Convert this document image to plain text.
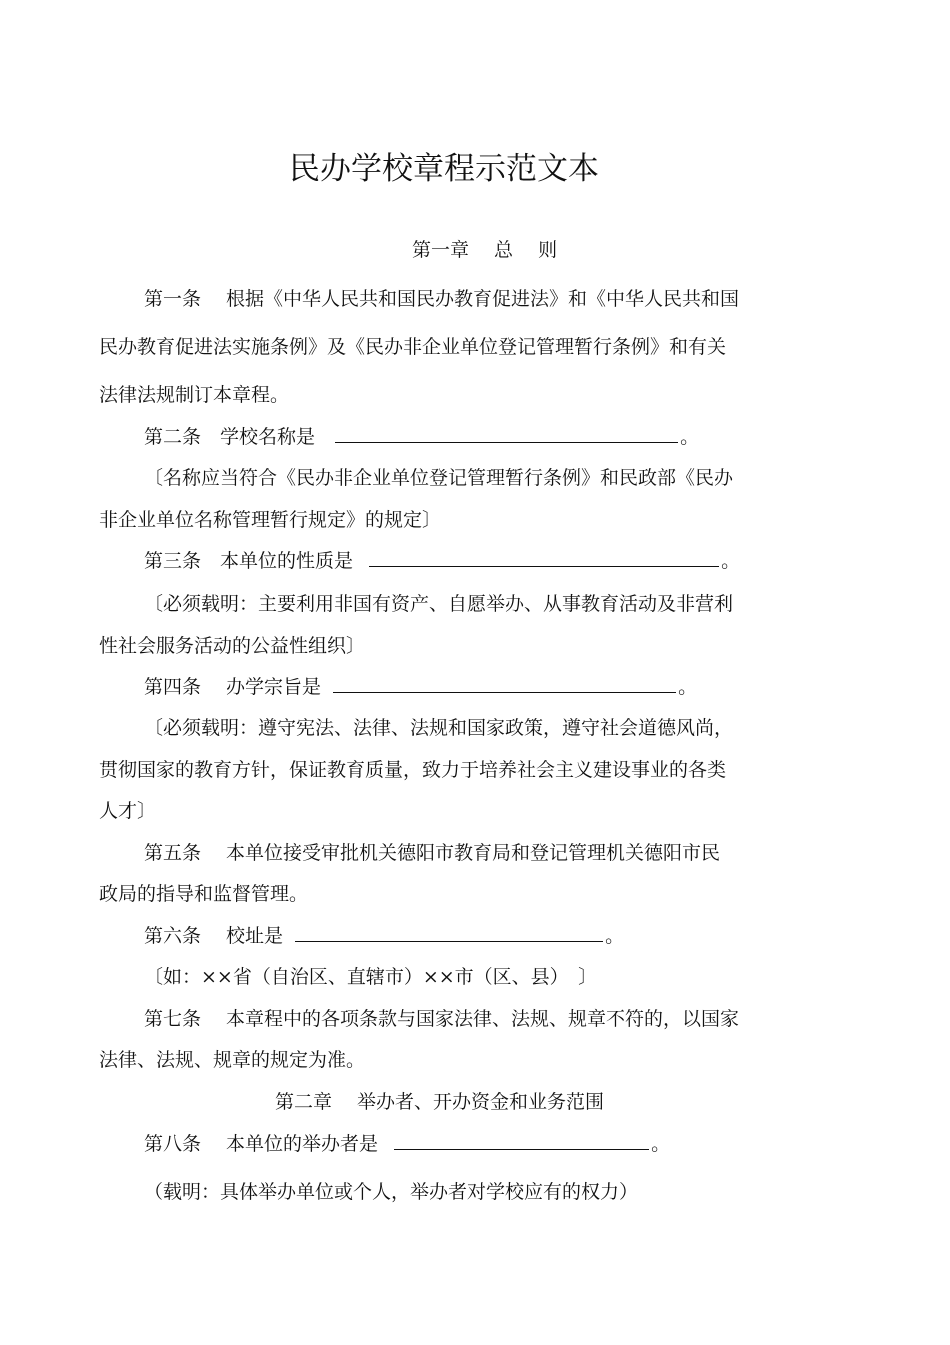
民办学校章程示范文本
第一章　 总　 则
第一条　 根据《中华人民共和国民办教育促进法》和《中华人民共和国
民办教育促进法实施条例》及《民办非企业单位登记管理暂行条例》和有关
法律法规制订本章程。
第二条　学校名称是	。
〔名称应当符合《民办非企业单位登记管理暂行条例》和民政部《民办
非企业单位名称管理暂行规定》的规定〕
第三条　本单位的性质是	。
〔必须载明：主要利用非国有资产、自愿举办、从事教育活动及非营利
性社会服务活动的公益性组织〕
第四条　 办学宗旨是	。
〔必须载明：遵守宪法、法律、法规和国家政策，遵守社会道德风尚，
贯彻国家的教育方针，保证教育质量，致力于培养社会主义建设事业的各类
人才〕
第五条　 本单位接受审批机关德阳市教育局和登记管理机关德阳市民
政局的指导和监督管理。
第六条　 校址是	。
〔如：××省（自治区、直辖市）××市（区、县）　〕
第七条　 本章程中的各项条款与国家法律、法规、规章不符的，以国家
法律、法规、规章的规定为准。
第二章　 举办者、开办资金和业务范围
第八条　 本单位的举办者是	。
（载明：具体举办单位或个人，举办者对学校应有的权力）
